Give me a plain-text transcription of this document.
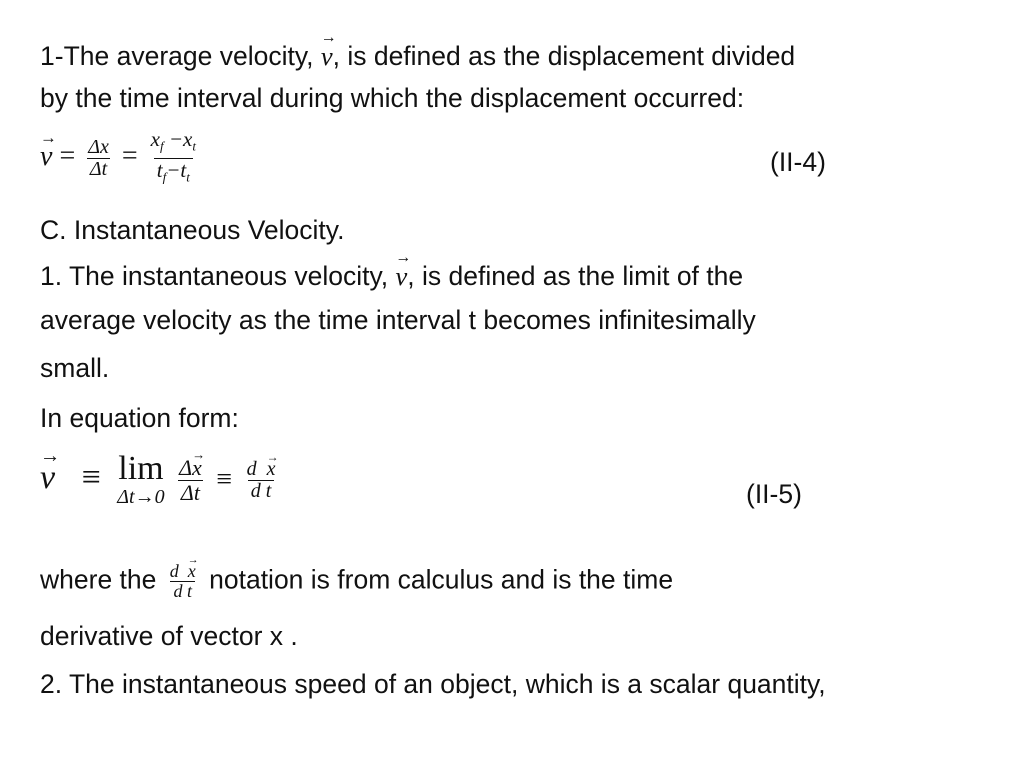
1-The average velocity, → v, is defined as the displacement divided
by the time interval during which the displacement occurred:
→ $v = \frac{\Delta x}{\Delta t} = \frac{x_f -x_t}{t_f-t_t}$	(II-4)
C. Instantaneous Velocity.
1. The instantaneous velocity, → v, is defined as the limit of the
average velocity as the time interval t becomes infinitesimally
small.
In equation form:
→ v ≡ lim
Δt→0
$\frac{\Delta\to x}{\Delta t} \equiv \frac{d \to x}{\text{d t}}$	(II-5)
where the $\frac{d \to x}{\text{d t}}$ notation is from calculus and is the time
derivative of vector x .
2. The instantaneous speed of an object, which is a scalar quantity,
